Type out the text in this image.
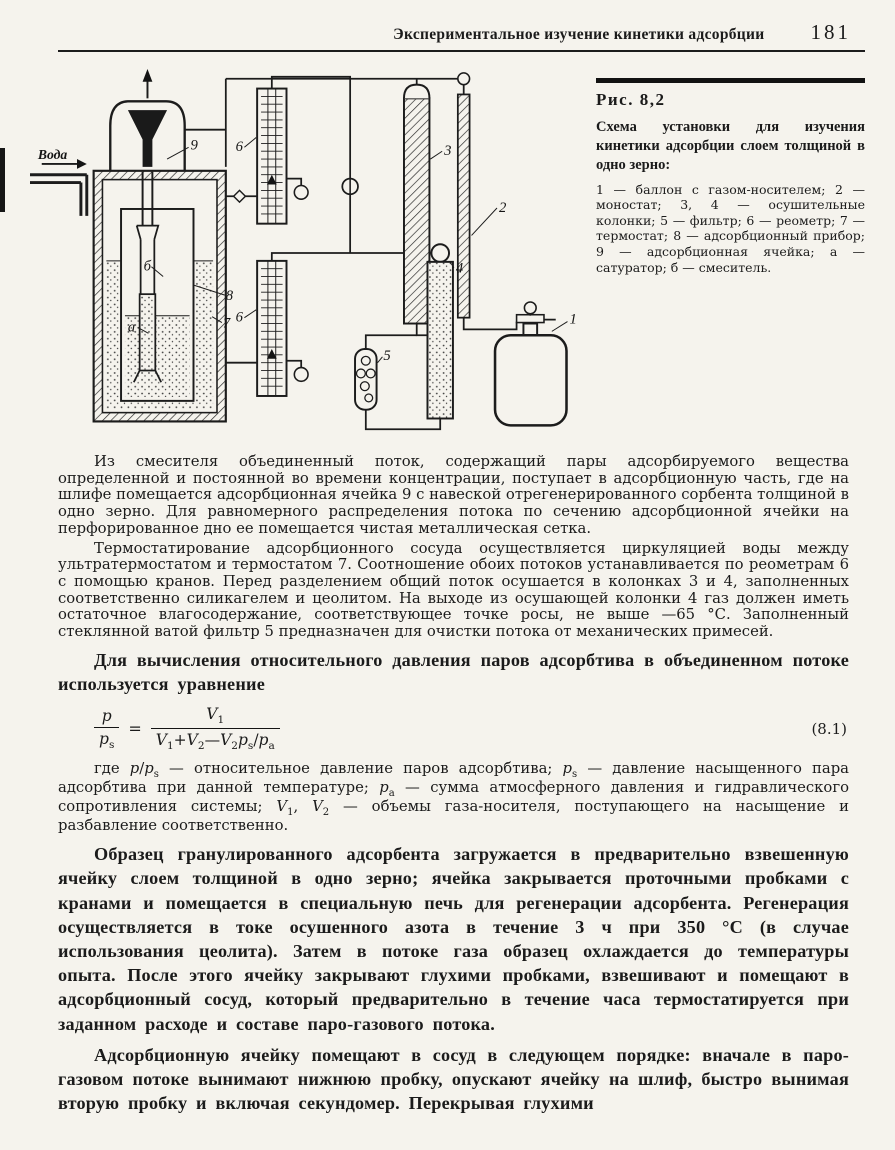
Экспериментальное изучение кинетики адсорбции 181
Вода
9	6
6
8
7
3
4
2
5
1
б
а
Рис. 8,2
Схема установки для изучения кинетики адсорбции слоем толщиной в одно зерно:
1 — баллон с газом-носителем; 2 — моностат; 3, 4 — осушительные колонки; 5 — фильтр; 6 — реометр; 7 — термостат; 8 — адсорбционный прибор; 9 — адсорбционная ячейка; а — сатуратор; б — смеситель.

Из смесителя объединенный поток, содержащий пары адсорбируемого вещества определенной и постоянной во времени концентрации, поступает в адсорбционную часть, где на шлифе помещается адсорбционная ячейка 9 с навеской отрегенерированного сорбента толщиной в одно зерно. Для равномерного распределения потока по сечению адсорбционной ячейки на перфорированное дно ее помещается чистая металлическая сетка.

Термостатирование адсорбционного сосуда осуществляется циркуляцией воды между ультратермостатом и термостатом 7. Соотношение обоих потоков устанавливается по реометрам 6 с помощью кранов. Перед разделением общий поток осушается в колонках 3 и 4, заполненных соответственно силикагелем и цеолитом. На выходе из осушающей колонки 4 газ должен иметь остаточное влагосодержание, соответствующее точке росы, не выше —65 °С. Заполненный стеклянной ватой фильтр 5 предназначен для очистки потока от механических примесей.

Для вычисления относительного давления паров адсорбтива в объединенном потоке используется уравнение

$\frac{p}{p_s} = \frac{V_1}{V_1+V_2—V_2p_s/p_а}$	(8.1)

где $p/p_s$ — относительное давление паров адсорбтива; $p_s$ — давление насыщенного пара адсорбтива при данной температуре; $p_а$ — сумма атмосферного давления и гидравлического сопротивления системы; $V_1$, $V_2$ — объемы газа-носителя, поступающего на насыщение и разбавление соответственно.

Образец гранулированного адсорбента загружается в предварительно взвешенную ячейку слоем толщиной в одно зерно; ячейка закрывается проточными пробками с кранами и помещается в специальную печь для регенерации адсорбента. Регенерация осуществляется в токе осушенного азота в течение 3 ч при 350 °С (в случае использования цеолита). Затем в потоке газа образец охлаждается до температуры опыта. После этого ячейку закрывают глухими пробками, взвешивают и помещают в адсорбционный сосуд, который предварительно в течение часа термостатируется при заданном расходе и составе паро-газового потока.

Адсорбционную ячейку помещают в сосуд в следующем порядке: вначале в паро-газовом потоке вынимают нижнюю пробку, опускают ячейку на шлиф, быстро вынимая вторую пробку и включая секундомер. Перекрывая глухими
